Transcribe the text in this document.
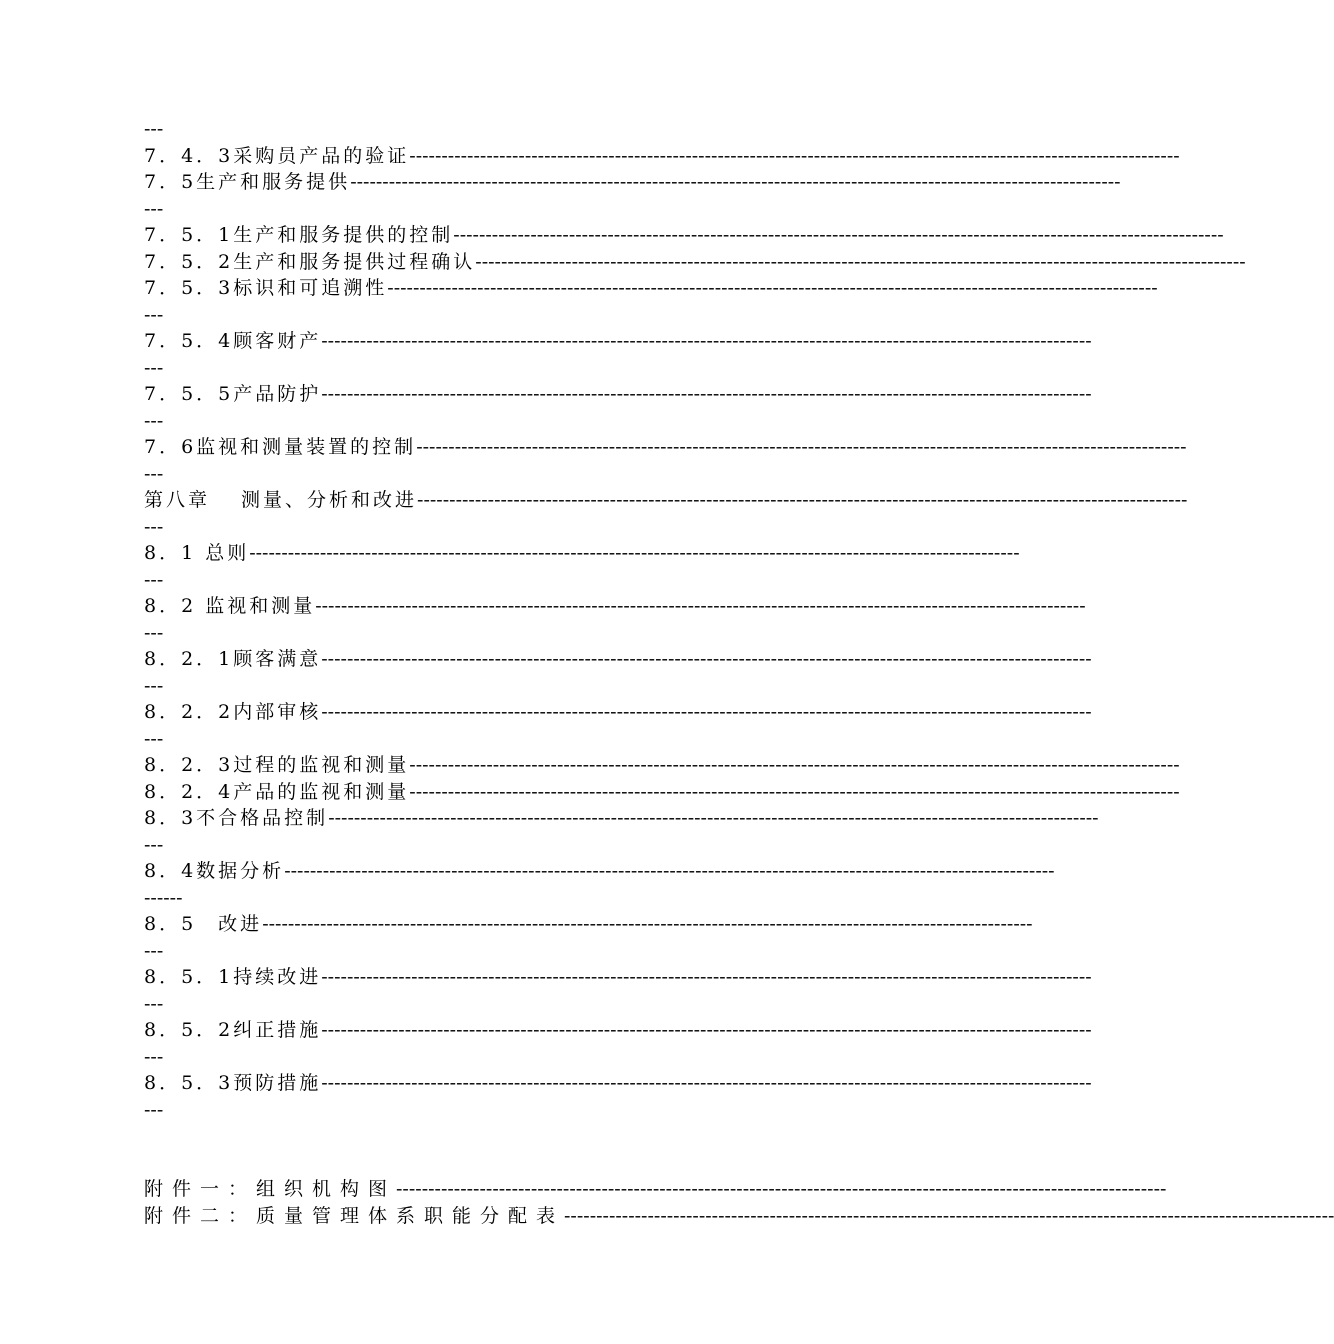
---
7．4．3采购员产品的验证 ------------------------------------------------------------------------------------------------------------------------
7．5生产和服务提供 ------------------------------------------------------------------------------------------------------------------------
---
7．5．1生产和服务提供的控制 ------------------------------------------------------------------------------------------------------------------------
7．5．2生产和服务提供过程确认 ------------------------------------------------------------------------------------------------------------------------
7．5．3标识和可追溯性 ------------------------------------------------------------------------------------------------------------------------
---
7．5．4顾客财产 ------------------------------------------------------------------------------------------------------------------------
---
7．5．5产品防护 ------------------------------------------------------------------------------------------------------------------------
---
7．6监视和测量装置的控制 ------------------------------------------------------------------------------------------------------------------------
---
第八章　 测量、分析和改进 ------------------------------------------------------------------------------------------------------------------------
---
8．1 总则 ------------------------------------------------------------------------------------------------------------------------
---
8．2 监视和测量 ------------------------------------------------------------------------------------------------------------------------
---
8．2．1顾客满意 ------------------------------------------------------------------------------------------------------------------------
---
8．2．2内部审核 ------------------------------------------------------------------------------------------------------------------------
---
8．2．3过程的监视和测量 ------------------------------------------------------------------------------------------------------------------------
8．2．4产品的监视和测量 ------------------------------------------------------------------------------------------------------------------------
8．3不合格品控制 ------------------------------------------------------------------------------------------------------------------------
---
8．4数据分析 ------------------------------------------------------------------------------------------------------------------------
------
8．5　改进 ------------------------------------------------------------------------------------------------------------------------
---
8．5．1持续改进 ------------------------------------------------------------------------------------------------------------------------
---
8．5．2纠正措施 ------------------------------------------------------------------------------------------------------------------------
---
8．5．3预防措施 ------------------------------------------------------------------------------------------------------------------------
---
附件一：组织机构图 ------------------------------------------------------------------------------------------------------------------------
附件二：质量管理体系职能分配表 ------------------------------------------------------------------------------------------------------------------------
